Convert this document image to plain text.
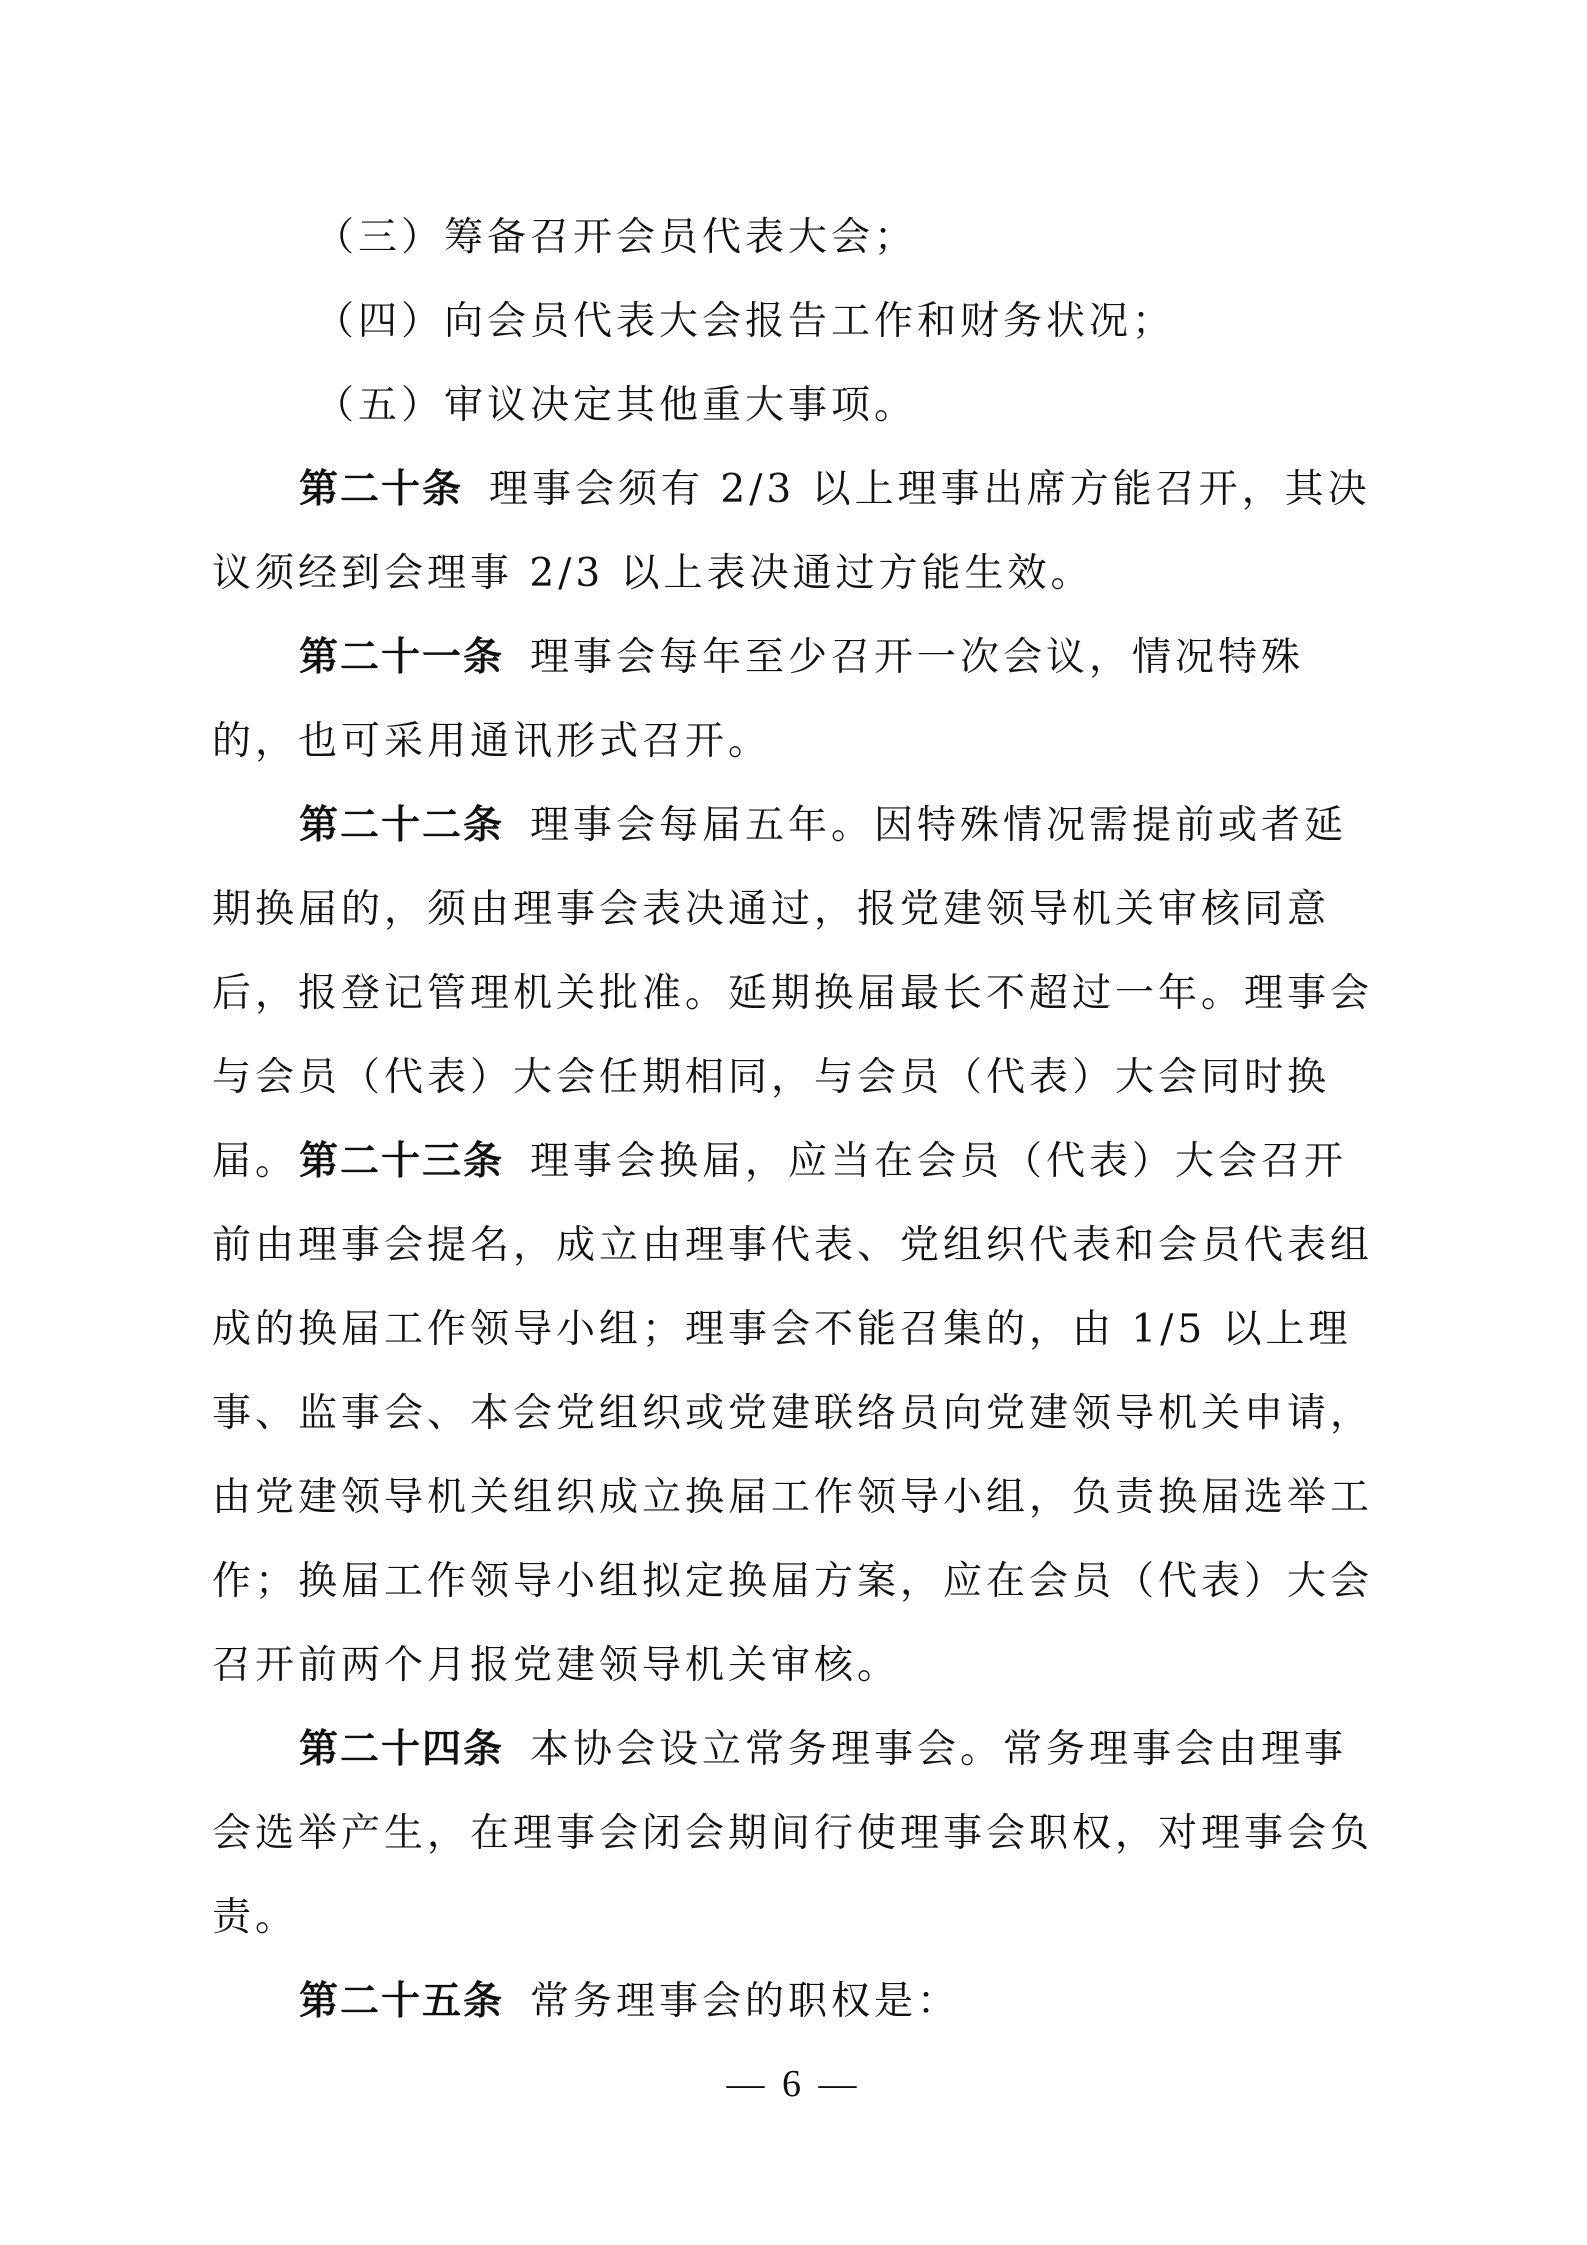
（三）筹备召开会员代表大会；

（四）向会员代表大会报告工作和财务状况；

（五）审议决定其他重大事项。

第二十条 理事会须有 2/3 以上理事出席方能召开，其决议须经到会理事 2/3 以上表决通过方能生效。

第二十一条 理事会每年至少召开一次会议，情况特殊的，也可采用通讯形式召开。

第二十二条 理事会每届五年。因特殊情况需提前或者延期换届的，须由理事会表决通过，报党建领导机关审核同意后，报登记管理机关批准。延期换届最长不超过一年。理事会与会员（代表）大会任期相同，与会员（代表）大会同时换届。 第二十三条 理事会换届，应当在会员（代表）大会召开前由理事会提名，成立由理事代表、党组织代表和会员代表组成的换届工作领导小组；理事会不能召集的，由 1/5 以上理事、监事会、本会党组织或党建联络员向党建领导机关申请，由党建领导机关组织成立换届工作领导小组，负责换届选举工作；换届工作领导小组拟定换届方案，应在会员（代表）大会召开前两个月报党建领导机关审核。

第二十四条 本协会设立常务理事会。常务理事会由理事会选举产生，在理事会闭会期间行使理事会职权，对理事会负责。

第二十五条 常务理事会的职权是：

— 6 —
